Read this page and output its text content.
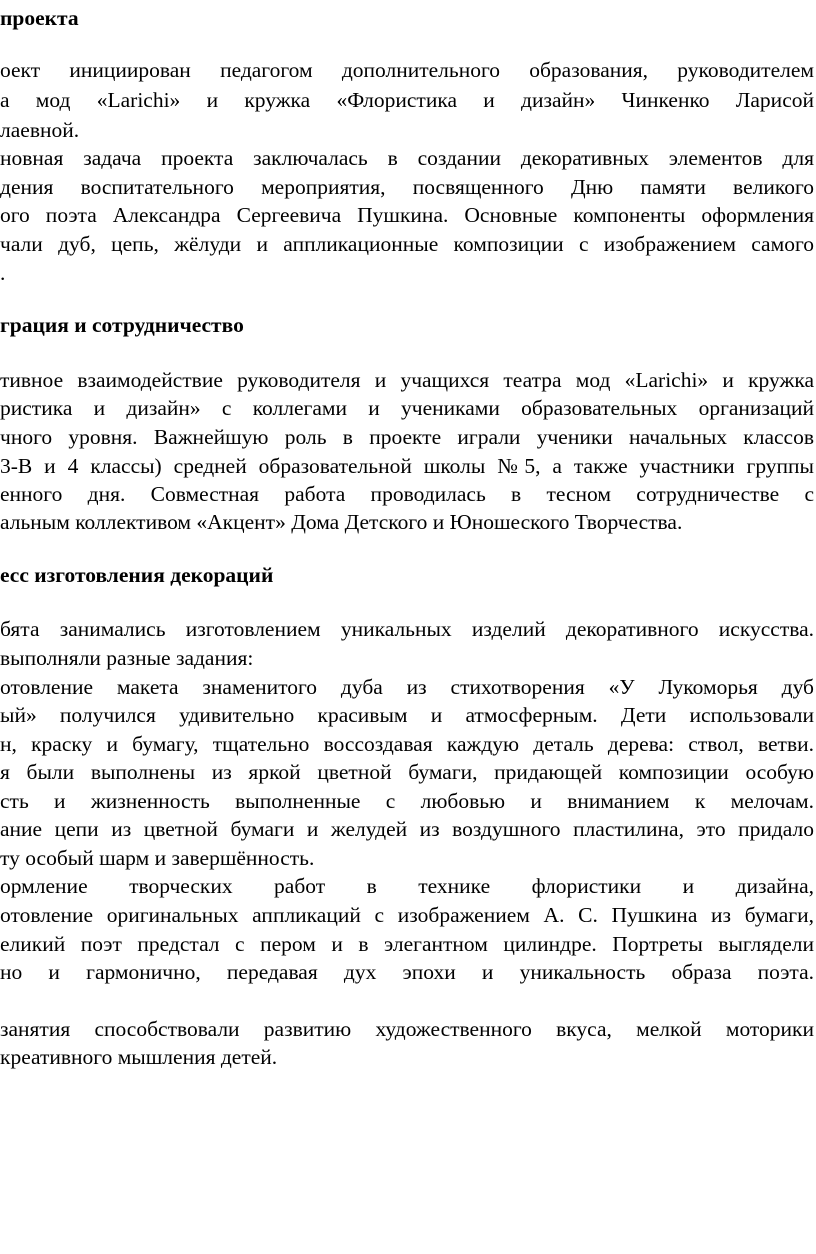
проекта
оект инициирован педагогом дополнительного образования, руководителем
а мод «Larichi» и кружка «Флористика и дизайн» Чинкенко Ларисой
лаевной.
новная задача проекта заключалась в создании декоративных элементов для
дения воспитательного мероприятия, посвященного Дню памяти великого
ого поэта Александра Сергеевича Пушкина. Основные компоненты оформления
чали дуб, цепь, жёлуди и аппликационные композиции с изображением самого
.
грация и сотрудничество
тивное взаимодействие руководителя и учащихся театра мод «Larichi» и кружка
ристика и дизайн» с коллегами и учениками образовательных организаций
чного уровня. Важнейшую роль в проекте играли ученики начальных классов
3-В и 4 классы) средней образовательной школы №5, а также участники группы
енного дня. Совместная работа проводилась в тесном сотрудничестве с
альным коллективом «Акцент» Дома Детского и Юношеского Творчества.
есс изготовления декораций
бята занимались изготовлением уникальных изделий декоративного искусства.
выполняли разные задания:
отовление макета знаменитого дуба из стихотворения «У Лукоморья дуб
ый» получился удивительно красивым и атмосферным. Дети использовали
н, краску и бумагу, тщательно воссоздавая каждую деталь дерева: ствол, ветви.
я были выполнены из яркой цветной бумаги, придающей композиции особую
сть и жизненность выполненные с любовью и вниманием к мелочам.
ание цепи из цветной бумаги и желудей из воздушного пластилина, это придало
ту особый шарм и завершённость.
ормление творческих работ в технике флористики и дизайна,
отовление оригинальных аппликаций с изображением А. С. Пушкина из бумаги,
еликий поэт предстал с пером и в элегантном цилиндре. Портреты выглядели
но и гармонично, передавая дух эпохи и уникальность образа поэта.
занятия способствовали развитию художественного вкуса, мелкой моторики
креативного мышления детей.
